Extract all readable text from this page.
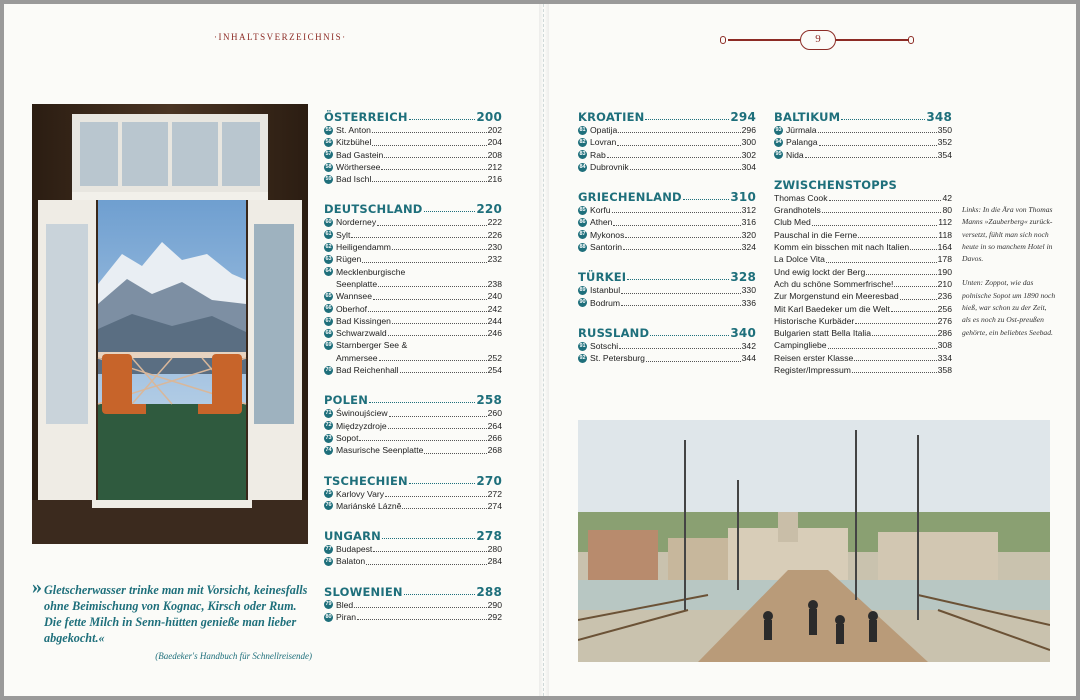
·INHALTSVERZEICHNIS·	9
ÖSTERREICH	200
55 St. Anton	202
56 Kitzbühel	204
57 Bad Gastein	208
58 Wörthersee	212
59 Bad Ischl	216
DEUTSCHLAND	220
60 Norderney	222
61 Sylt	226
62 Heiligendamm	230
63 Rügen	232
64 Mecklenburgische
Seenplatte	238
65 Wannsee	240
66 Oberhof	242
67 Bad Kissingen	244
68 Schwarzwald	246
69 Starnberger See &
Ammersee	252
70 Bad Reichenhall	254
POLEN	258
71 Świnoujściew	260
72 Międzyzdroje	264
73 Sopot	266
74 Masurische Seenplatte	268
TSCHECHIEN	270
75 Karlovy Vary	272
76 Mariánské Lázně	274
UNGARN	278
77 Budapest	280
78 Balaton	284
SLOWENIEN	288
79 Bled	290
80 Piran	292
KROATIEN	294
81 Opatija	296
82 Lovran	300
83 Rab	302
84 Dubrovnik	304
GRIECHENLAND	310
85 Korfu	312
86 Athen	316
87 Mykonos	320
88 Santorin	324
TÜRKEI	328
89 Istanbul	330
90 Bodrum	336
RUSSLAND	340
91 Sotschi	342
92 St. Petersburg	344
BALTIKUM	348
93 Jūrmala	350
94 Palanga	352
95 Nida	354
ZWISCHENSTOPPS
Thomas Cook	42
Grandhotels	80
Club Med	112
Pauschal in die Ferne	118
Komm ein bisschen mit nach Italien	164
La Dolce Vita	178
Und ewig lockt der Berg	190
Ach du schöne Sommerfrische!	210
Zur Morgenstund ein Meeresbad	236
Mit Karl Baedeker um die Welt	256
Historische Kurbäder	276
Bulgarien statt Bella Italia	286
Campingliebe	308
Reisen erster Klasse	334
Register/Impressum	358
» Gletscherwasser trinke man mit Vorsicht, keinesfalls ohne Beimischung von Kognac, Kirsch oder Rum. Die fette Milch in Senn-hütten genieße man lieber abgekocht.«
(Baedeker's Handbuch für Schnellreisende)

Links: In die Ära von Thomas Manns »Zauberberg« zurück-versetzt, fühlt man sich noch heute in so manchem Hotel in Davos.

Unten: Zoppot, wie das polnische Sopot um 1890 noch hieß, war schon zu der Zeit, als es noch zu Ost-preußen gehörte, ein beliebtes Seebad.
